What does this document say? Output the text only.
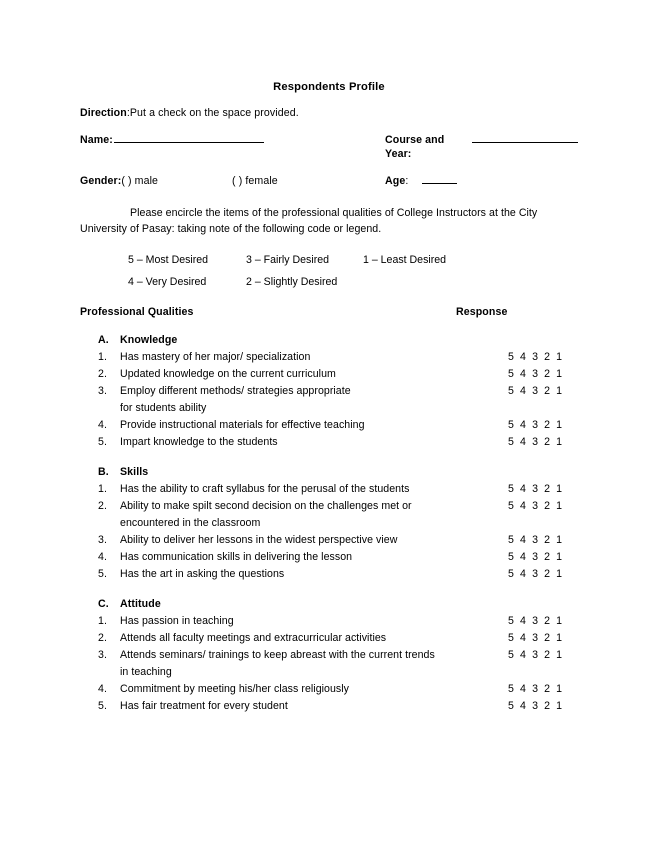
Respondents Profile
Direction:Put a check on the space provided.
Name:	Course and Year:
Gender: ( ) male	( ) female	Age :
Please encircle the items of the professional qualities of College Instructors at the City University of Pasay: taking note of the following code or legend.
5 – Most Desired	3 – Fairly Desired	1 – Least Desired
4 – Very Desired	2 – Slightly Desired
Professional Qualities	Response
A.	Knowledge
1.	Has mastery of her major/ specialization	5 4 3 2 1
2.	Updated knowledge on the current curriculum	5 4 3 2 1
3.	Employ different methods/ strategies appropriate	5 4 3 2 1
for students ability
4.	Provide instructional materials for effective teaching	5 4 3 2 1
5.	Impart knowledge to the students	5 4 3 2 1
B.	Skills
1.	Has the ability to craft syllabus for the perusal of the students	5 4 3 2 1
2.	Ability to make spilt second decision on the challenges met or	5 4 3 2 1
encountered in the classroom
3.	Ability to deliver her lessons in the widest perspective view	5 4 3 2 1
4.	Has communication skills in delivering the lesson	5 4 3 2 1
5.	Has the art in asking the questions	5 4 3 2 1
C.	Attitude
1.	Has passion in teaching	5 4 3 2 1
2.	Attends all faculty meetings and extracurricular activities	5 4 3 2 1
3.	Attends seminars/ trainings to keep abreast with the current trends	5 4 3 2 1
in teaching
4.	Commitment by meeting his/her class religiously	5 4 3 2 1
5.	Has fair treatment for every student	5 4 3 2 1
